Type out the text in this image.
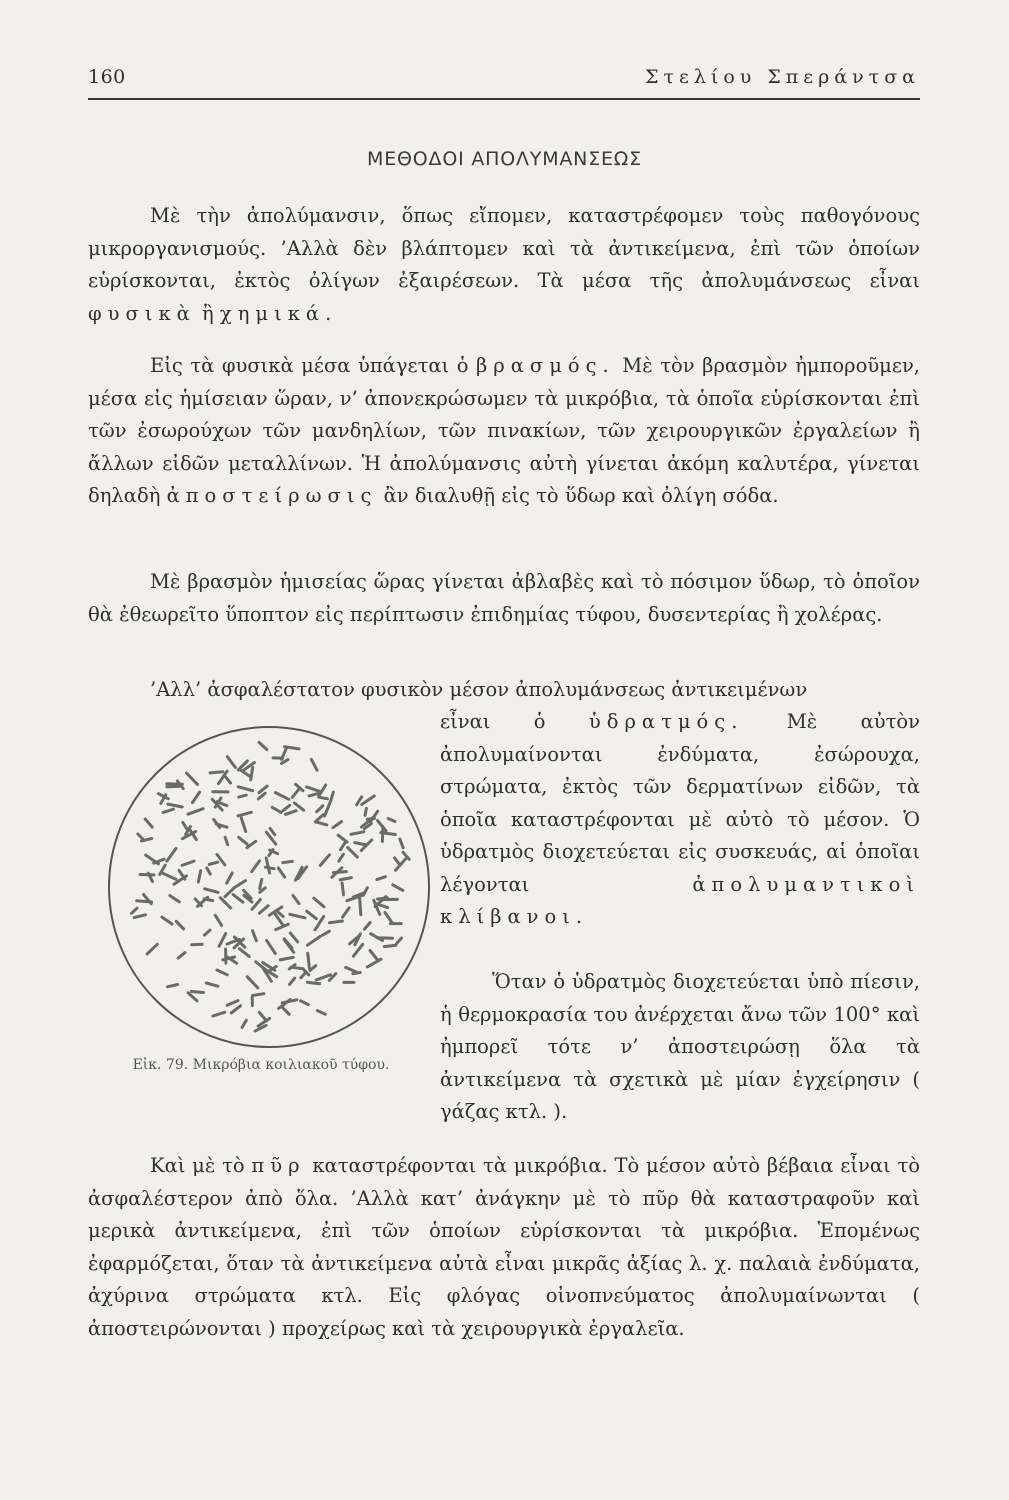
160	Στελίου Σπεράντσα
ΜΕΘΟΔΟΙ ΑΠΟΛΥΜΑΝΣΕΩΣ

Μὲ τὴν ἀπολύμανσιν, ὅπως εἴπομεν, καταστρέφομεν τοὺς παθογόνους μικροργανισμούς. ’Αλλὰ δὲν βλάπτομεν καὶ τὰ ἀντικείμενα, ἐπὶ τῶν ὁποίων εὑρίσκονται, ἐκτὸς ὀλίγων ἐξαιρέσεων. Τὰ μέσα τῆς ἀπολυμάνσεως εἶναι φυσικὰ ἢ χημικά.

Εἰς τὰ φυσικὰ μέσα ὑπάγεται ὁ βρασμός. Μὲ τὸν βρασμὸν ἠμποροῦμεν, μέσα εἰς ἡμίσειαν ὥραν, ν’ ἀπονεκρώσωμεν τὰ μικρόβια, τὰ ὁποῖα εὑρίσκονται ἐπὶ τῶν ἐσωρούχων τῶν μανδηλίων, τῶν πινακίων, τῶν χειρουργικῶν ἐργαλείων ἢ ἄλλων εἰδῶν μεταλλίνων. Ἡ ἀπολύμανσις αὐτὴ γίνεται ἀκόμη καλυτέρα, γίνεται δηλαδὴ ἀποστείρωσις ἂν διαλυθῇ εἰς τὸ ὕδωρ καὶ ὀλίγη σόδα.

Μὲ βρασμὸν ἡμισείας ὥρας γίνεται ἀβλαβὲς καὶ τὸ πόσιμον ὕδωρ, τὸ ὁποῖον θὰ ἐθεωρεῖτο ὕποπτον εἰς περίπτωσιν ἐπιδημίας τύφου, δυσεντερίας ἢ χολέρας.

’Αλλ’ ἀσφαλέστατον φυσικὸν μέσον ἀπολυμάνσεως ἀντικειμένων

εἶναι ὁ ὑδρατμός. Μὲ αὐτὸν ἀπολυμαίνονται ἐνδύματα, ἐσώρουχα, στρώματα, ἐκτὸς τῶν δερματίνων εἰδῶν, τὰ ὁποῖα καταστρέφονται μὲ αὐτὸ τὸ μέσον. Ὁ ὑδρατμὸς διοχετεύεται εἰς συσκευάς, αἱ ὁποῖαι λέγονται	ἀπολυμαντικοὶ κλίβανοι.

Ὅταν ὁ ὑδρατμὸς διοχετεύεται ὑπὸ πίεσιν, ἡ θερμοκρασία του ἀνέρχεται ἄνω τῶν 100° καὶ ἠμπορεῖ τότε ν’ ἀποστειρώσῃ ὅλα τὰ ἀντικείμενα τὰ σχετικὰ μὲ μίαν ἐγχείρησιν ( γάζας κτλ. ).

Εἰκ. 79. Μικρόβια κοιλιακοῦ τύφου.

Καὶ μὲ τὸ πῦρ καταστρέφονται τὰ μικρόβια. Τὸ μέσον αὐτὸ βέβαια εἶναι τὸ ἀσφαλέστερον ἀπὸ ὅλα. ’Αλλὰ κατ’ ἀνάγκην μὲ τὸ πῦρ θὰ καταστραφοῦν καὶ μερικὰ ἀντικείμενα, ἐπὶ τῶν ὁποίων εὑρίσκονται τὰ μικρόβια. Ἑπομένως ἐφαρμόζεται, ὅταν τὰ ἀντικείμενα αὐτὰ εἶναι μικρᾶς ἀξίας λ. χ. παλαιὰ ἐνδύματα, ἀχύρινα στρώματα κτλ. Εἰς φλόγας οἰνοπνεύματος ἀπολυμαίνωνται ( ἀποστειρώνονται ) προχείρως καὶ τὰ χειρουργικὰ ἐργαλεῖα.
